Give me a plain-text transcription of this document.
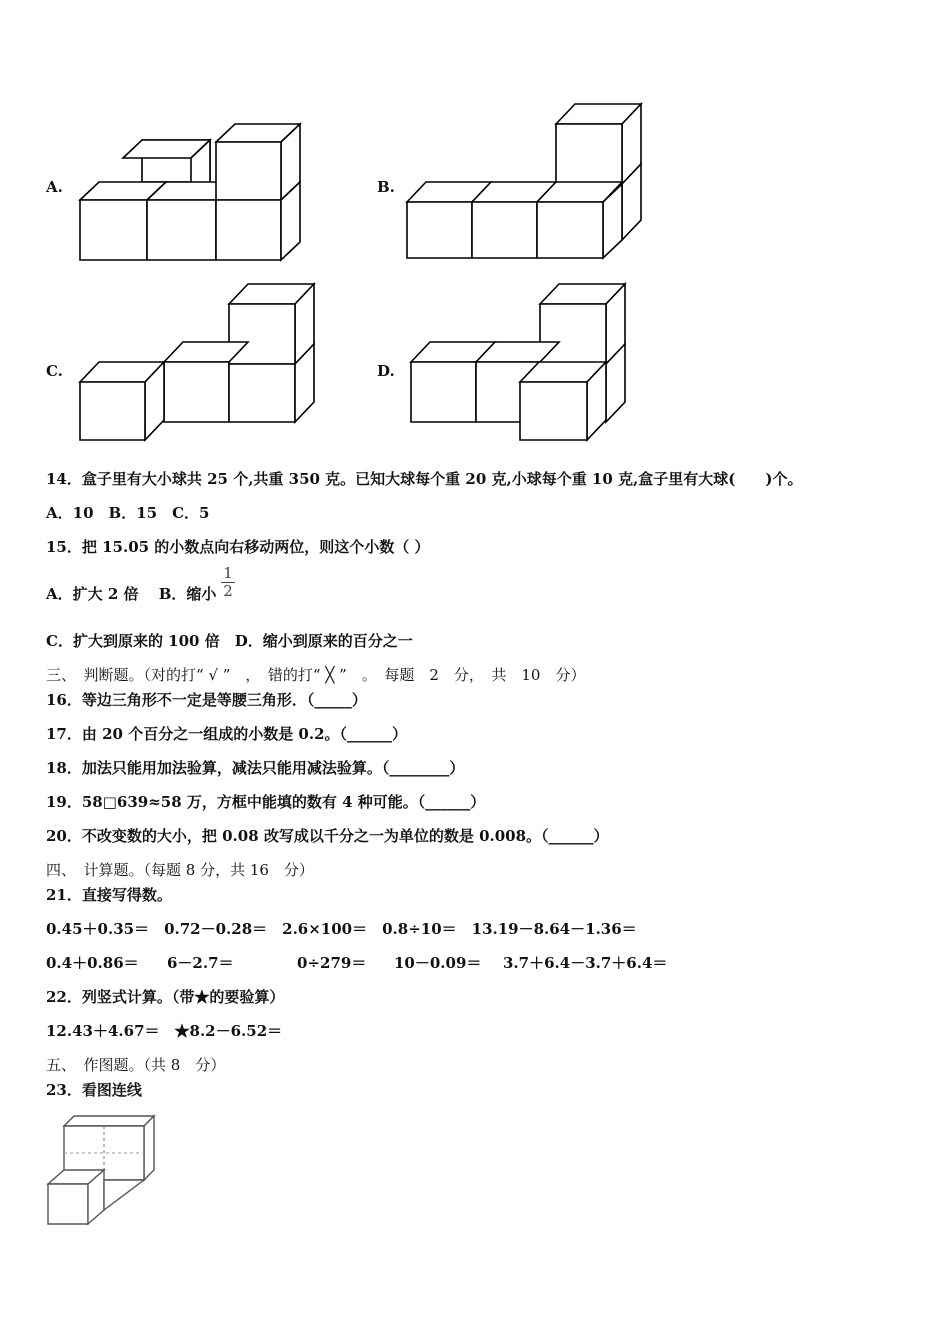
A.	B.
C.	D.
14．盒子里有大小球共 25 个,共重 350 克。已知大球每个重 20 克,小球每个重 10 克,盒子里有大球(　　)个。
A．10　B．15　C．5
15．把 15.05 的小数点向右移动两位，则这个小数（ ）
A．扩大 2 倍　 B．缩小
1
2
C．扩大到原来的 100 倍　D．缩小到原来的百分之一
三、　判断题。（对的打“ √ ”　，　错的打“ ╳ ”　。　每题　2　分，　共　10　分）
16．等边三角形不一定是等腰三角形．（_____）
17．由 20 个百分之一组成的小数是 0.2。（______）
18．加法只能用加法验算，减法只能用减法验算。（________）
19．58□639≈58 万，方框中能填的数有 4 种可能。（______）
20．不改变数的大小，把 0.08 改写成以千分之一为单位的数是 0.008。（______）
四、　计算题。（每题 8 分，共 16　分）
21．直接写得数。
0.45＋0.35＝　0.72－0.28＝　2.6×100＝　0.8÷10＝　13.19－8.64－1.36＝
0.4＋0.86＝ 6－2.7＝	0÷279＝ 10－0.09＝ 3.7＋6.4－3.7＋6.4＝
22．列竖式计算。（带★的要验算）
12.43＋4.67＝　★8.2－6.52＝
五、　作图题。（共 8　分）
23．看图连线
